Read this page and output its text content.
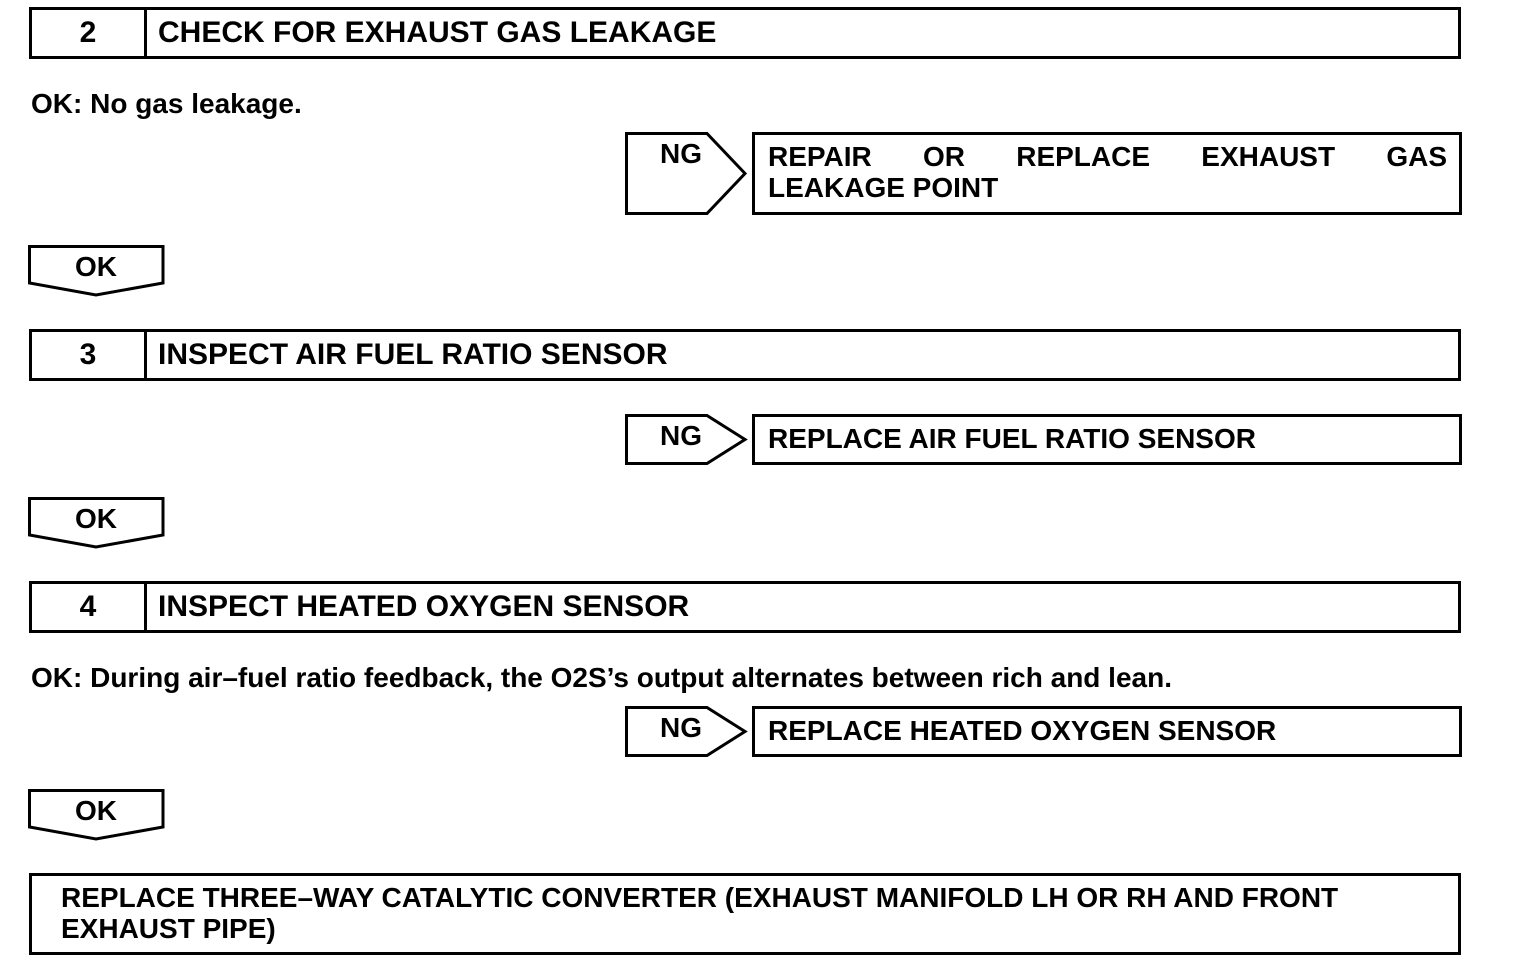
2	CHECK FOR EXHAUST GAS LEAKAGE
OK: No gas leakage.
NG	REPAIR OR REPLACE EXHAUST GAS
LEAKAGE POINT
OK
3	INSPECT AIR FUEL RATIO SENSOR
NG	REPLACE AIR FUEL RATIO SENSOR
OK
4	INSPECT HEATED OXYGEN SENSOR
OK: During air–fuel ratio feedback, the O2S’s output alternates between rich and lean.
NG	REPLACE HEATED OXYGEN SENSOR
OK
REPLACE THREE–WAY CATALYTIC CONVERTER (EXHAUST MANIFOLD LH OR RH AND FRONT
EXHAUST PIPE)
